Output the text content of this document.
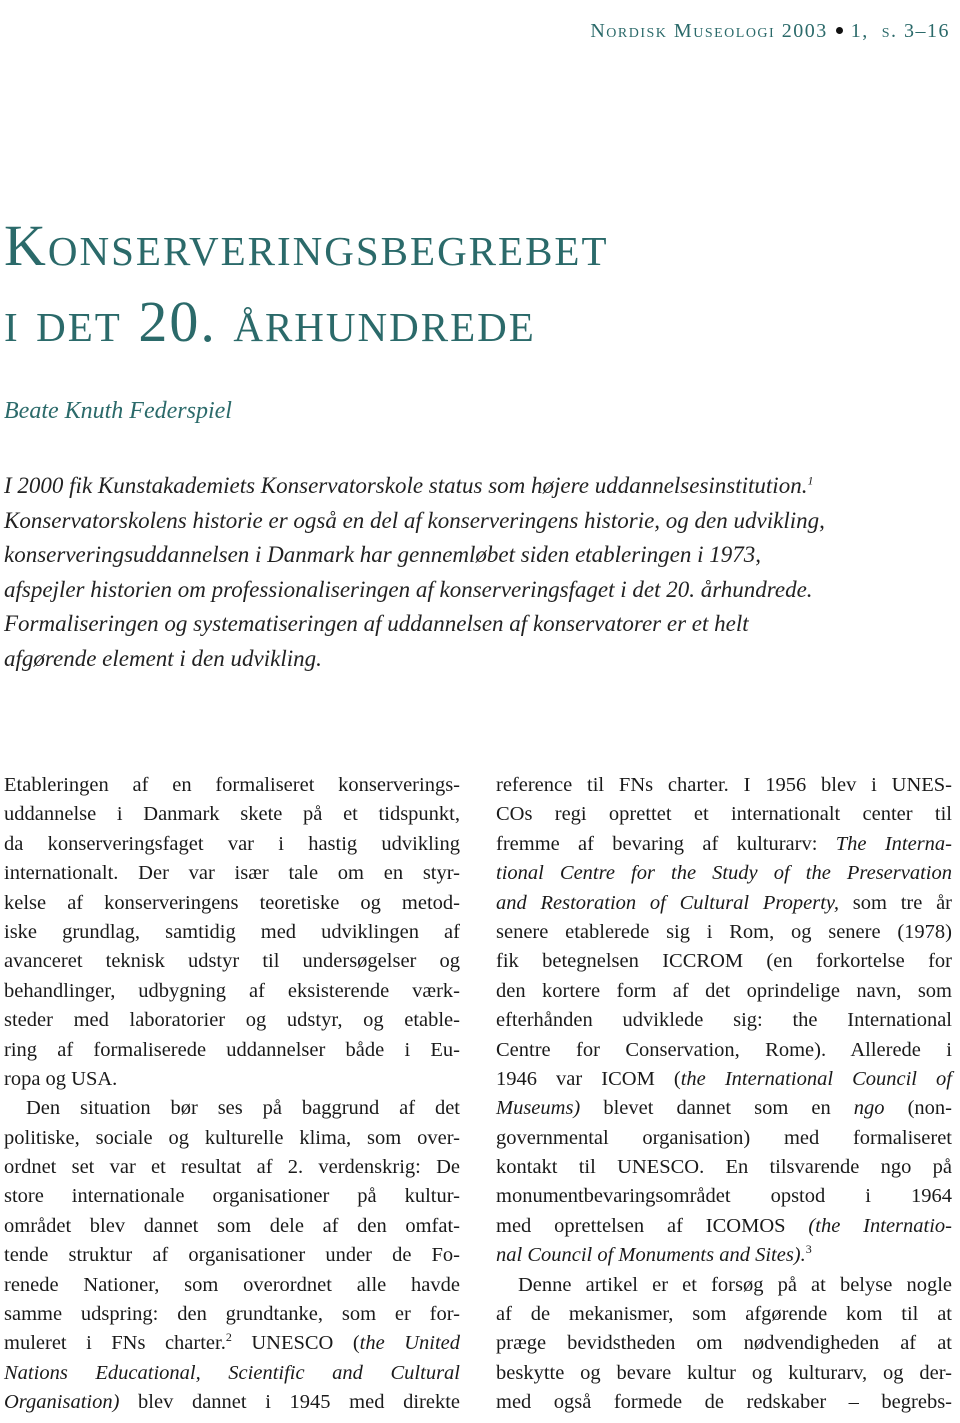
Nordisk Museologi 2003 1, s. 3–16
Konserveringsbegrebet
i det 20. århundrede
Beate Knuth Federspiel

I 2000 fik Kunstakademiets Konservatorskole status som højere uddannelsesinstitution.$^1$
Konservatorskolens historie er også en del af konserveringens historie, og den udvikling,
konserveringsuddannelsen i Danmark har gennemløbet siden etableringen i 1973,
afspejler historien om professionaliseringen af konserveringsfaget i det 20. århundrede.
Formaliseringen og systematiseringen af uddannelsen af konservatorer er et helt
afgørende element i den udvikling.

Etableringen af en formaliseret konserverings-
uddannelse i Danmark skete på et tidspunkt,
da konserveringsfaget var i hastig udvikling
internationalt. Der var især tale om en styr-
kelse af konserveringens teoretiske og metod-
iske grundlag, samtidig med udviklingen af
avanceret teknisk udstyr til undersøgelser og
behandlinger, udbygning af eksisterende værk-
steder med laboratorier og udstyr, og etable-
ring af formaliserede uddannelser både i Eu-
ropa og USA.
Den situation bør ses på baggrund af det
politiske, sociale og kulturelle klima, som over-
ordnet set var et resultat af 2. verdenskrig: De
store internationale organisationer på kultur-
området blev dannet som dele af den omfat-
tende struktur af organisationer under de Fo-
renede Nationer, som overordnet alle havde
samme udspring: den grundtanke, som er for-
muleret i FNs charter.$^2$ UNESCO (the United
Nations Educational, Scientific and Cultural
Organisation) blev dannet i 1945 med direkte
reference til FNs charter. I 1956 blev i UNES-
COs regi oprettet et internationalt center til
fremme af bevaring af kulturarv: The Interna-
tional Centre for the Study of the Preservation
and Restoration of Cultural Property, som tre år
senere etablerede sig i Rom, og senere (1978)
fik betegnelsen ICCROM (en forkortelse for
den kortere form af det oprindelige navn, som
efterhånden udviklede sig: the International
Centre for Conservation, Rome). Allerede i
1946 var ICOM (the International Council of
Museums) blevet dannet som en ngo (non-
governmental organisation) med formaliseret
kontakt til UNESCO. En tilsvarende ngo på
monumentbevaringsområdet opstod i 1964
med oprettelsen af ICOMOS (the Internatio-
nal Council of Monuments and Sites).$^3$
Denne artikel er et forsøg på at belyse nogle
af de mekanismer, som afgørende kom til at
præge bevidstheden om nødvendigheden af at
beskytte og bevare kultur og kulturarv, og der-
med også formede de redskaber – begrebs-
